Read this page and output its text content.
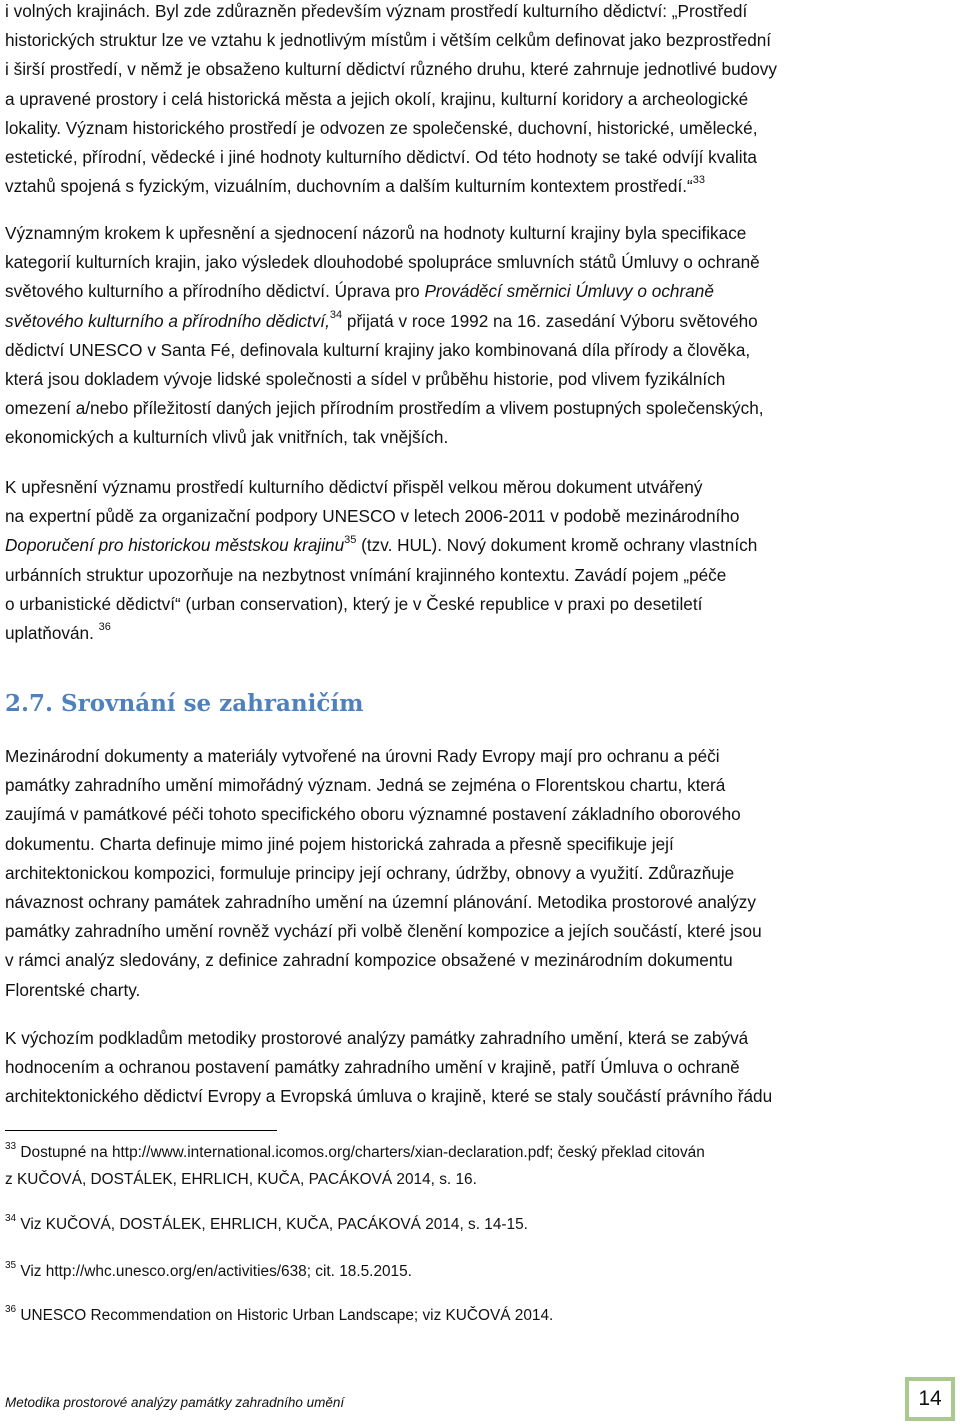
i volných krajinách. Byl zde zdůrazněn především význam prostředí kulturního dědictví: „Prostředí
historických struktur lze ve vztahu k jednotlivým místům i větším celkům definovat jako bezprostřední
i širší prostředí, v němž je obsaženo kulturní dědictví různého druhu, které zahrnuje jednotlivé budovy
a upravené prostory i celá historická města a jejich okolí, krajinu, kulturní koridory a archeologické
lokality. Význam historického prostředí je odvozen ze společenské, duchovní, historické, umělecké,
estetické, přírodní, vědecké i jiné hodnoty kulturního dědictví. Od této hodnoty se také odvíjí kvalita
vztahů spojená s fyzickým, vizuálním, duchovním a dalším kulturním kontextem prostředí.“$^{33}$

Významným krokem k upřesnění a sjednocení názorů na hodnoty kulturní krajiny byla specifikace
kategorií kulturních krajin, jako výsledek dlouhodobé spolupráce smluvních států Úmluvy o ochraně
světového kulturního a přírodního dědictví. Úprava pro Prováděcí směrnici Úmluvy o ochraně
světového kulturního a přírodního dědictví,$^{34}$ přijatá v roce 1992 na 16. zasedání Výboru světového
dědictví UNESCO v Santa Fé, definovala kulturní krajiny jako kombinovaná díla přírody a člověka,
která jsou dokladem vývoje lidské společnosti a sídel v průběhu historie, pod vlivem fyzikálních
omezení a/nebo příležitostí daných jejich přírodním prostředím a vlivem postupných společenských,
ekonomických a kulturních vlivů jak vnitřních, tak vnějších.

K upřesnění významu prostředí kulturního dědictví přispěl velkou měrou dokument utvářený
na expertní půdě za organizační podpory UNESCO v letech 2006-2011 v podobě mezinárodního
Doporučení pro historickou městskou krajinu$^{35}$ (tzv. HUL). Nový dokument kromě ochrany vlastních
urbánních struktur upozorňuje na nezbytnost vnímání krajinného kontextu. Zavádí pojem „péče
o urbanistické dědictví“ (urban conservation), který je v České republice v praxi po desetiletí
uplatňován. $^{36}$

2.7. Srovnání se zahraničím

Mezinárodní dokumenty a materiály vytvořené na úrovni Rady Evropy mají pro ochranu a péči
památky zahradního umění mimořádný význam. Jedná se zejména o Florentskou chartu, která
zaujímá v památkové péči tohoto specifického oboru významné postavení základního oborového
dokumentu. Charta definuje mimo jiné pojem historická zahrada a přesně specifikuje její
architektonickou kompozici, formuluje principy její ochrany, údržby, obnovy a využití. Zdůrazňuje
návaznost ochrany památek zahradního umění na územní plánování. Metodika prostorové analýzy
památky zahradního umění rovněž vychází při volbě členění kompozice a jejích součástí, které jsou
v rámci analýz sledovány, z definice zahradní kompozice obsažené v mezinárodním dokumentu
Florentské charty.

K výchozím podkladům metodiky prostorové analýzy památky zahradního umění, která se zabývá
hodnocením a ochranou postavení památky zahradního umění v krajině, patří Úmluva o ochraně
architektonického dědictví Evropy a Evropská úmluva o krajině, které se staly součástí právního řádu

$^{33}$ Dostupné na http://www.international.icomos.org/charters/xian-declaration.pdf; český překlad citován
z KUČOVÁ, DOSTÁLEK, EHRLICH, KUČA, PACÁKOVÁ 2014, s. 16.

$^{34}$ Viz KUČOVÁ, DOSTÁLEK, EHRLICH, KUČA, PACÁKOVÁ 2014, s. 14-15.

$^{35}$ Viz http://whc.unesco.org/en/activities/638; cit. 18.5.2015.

$^{36}$ UNESCO Recommendation on Historic Urban Landscape; viz KUČOVÁ 2014.

Metodika prostorové analýzy památky zahradního umění	14
